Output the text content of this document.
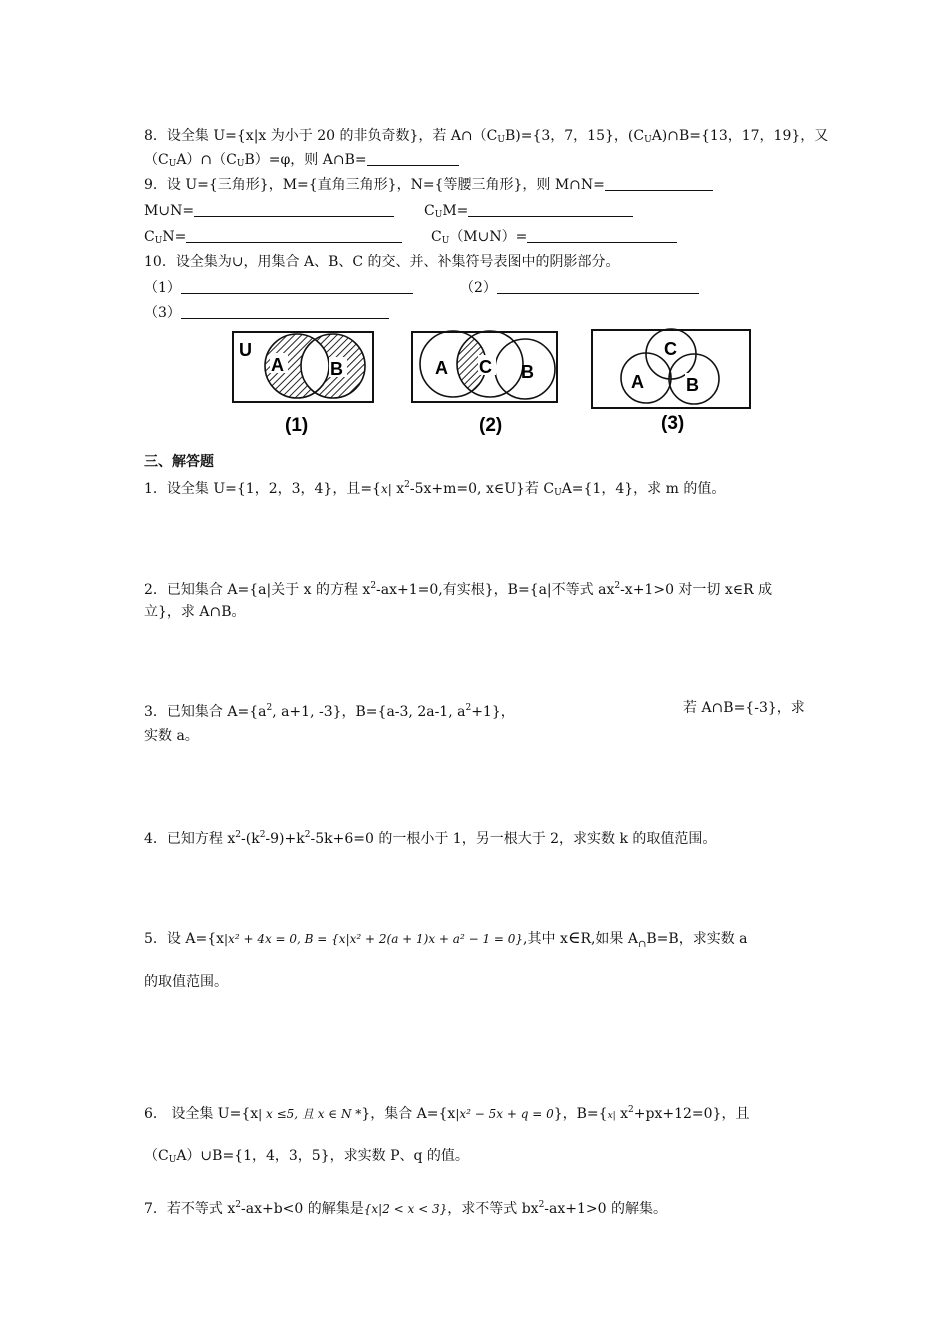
8．设全集 U={x|x 为小于 20 的非负奇数}，若 $A\cap(C_UB)=\{3$，7，15}，$(C_UA)\cap B=\{13$，17，19}，又
$(C_UA)\cap(C_UB)=\varphi$，则 A∩B=
9．设 U={三角形}，M={直角三角形}，N={等腰三角形}，则 M∩N=
M∪N=	$C_UM=$
$C_UN=$	$C_U(M\cup N)=$
10．设全集为∪，用集合 A、B、C 的交、并、补集符号表图中的阴影部分。
（1）	（2）
（3）
U
A	B
(1)
A C B
(2)
C
A B
(3)
三、解答题
1．设全集 U={1，2，3，4}，且={x| $x^2-5x+m=0$, x∈U}若 $C_UA=\{1$，4}，求 m 的值。
2．已知集合 A={a|关于 x 的方程 $x^2-ax+1=0$,有实根}，B={a|不等式 $ax^2-x+1>0$ 对一切 x∈R 成
立}，求 A∩B。
3．已知集合 $A=\{a^2$, a+1, -3}，B={a-3, 2a-1, $a^2+1$}，	若 A∩B={-3}，求
实数 a。
4．已知方程 $x^2-(k^2-9)+k^2-5k+6=0$ 的一根小于 1，另一根大于 2，求实数 k 的取值范围。
5．设 A={x|x² + 4x = 0, B = {x|x² + 2(a + 1)x + a² − 1 = 0},其中 x∈R,如果 $A_\cap B=B$，求实数 a
的取值范围。
6． 设全集 U={x| x ≤5, 且 x ∈ N *}，集合 A={x|x² − 5x + q = 0}，B={x| $x^2+px+12=0$}，且
$(C_UA)\cup B=\{1$，4，3，5}，求实数 P、q 的值。
7．若不等式 $x^2-ax+b<0$ 的解集是{x|2 < x < 3}，求不等式 $bx^2-ax+1>0$ 的解集。
